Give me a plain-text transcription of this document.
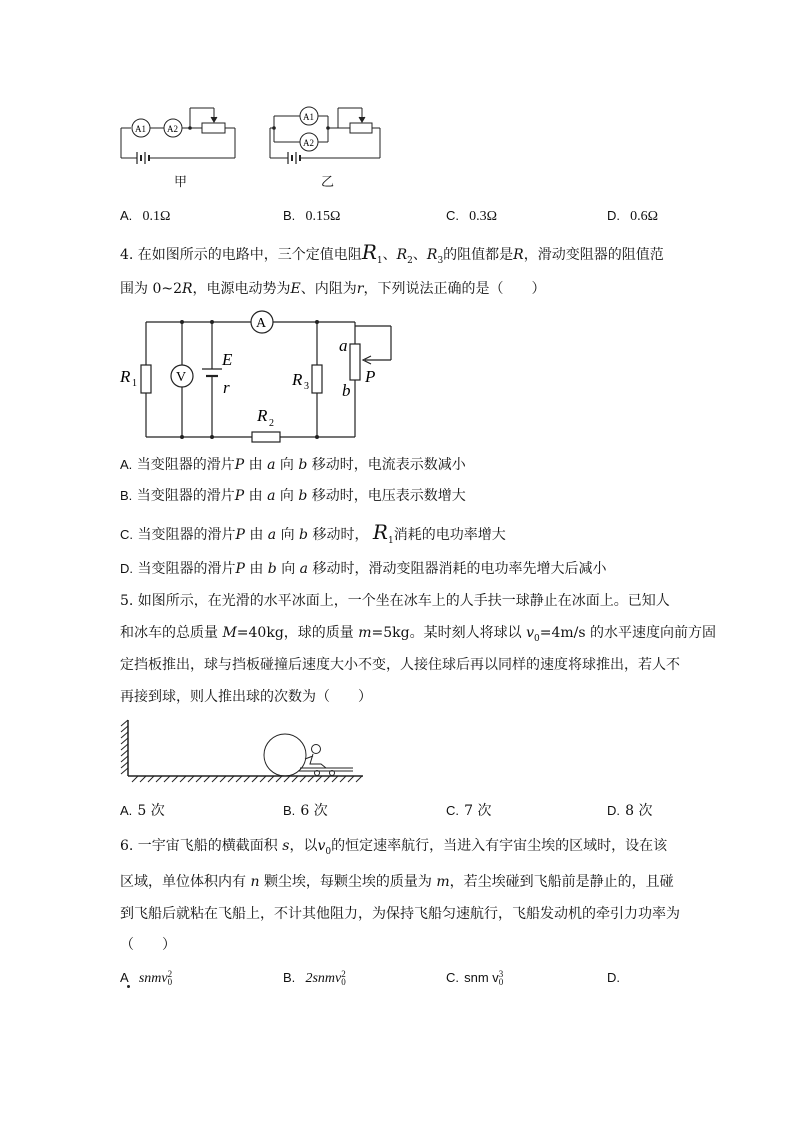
A1 A2
甲
A1
A2
乙
A. 0.1Ω	B. 0.15Ω	C. 0.3Ω	D. 0.6Ω
4. 在如图所示的电路中，三个定值电阻$R_1$、$R_2$、$R_3$的阻值都是R，滑动变阻器的阻值范
围为 0~2R，电源电动势为E、内阻为r，下列说法正确的是（　　）
A
V
R 1
E
r	R 3
R 2
a
b
P
A. 当变阻器的滑片P 由 a 向 b 移动时，电流表示数减小
B. 当变阻器的滑片P 由 a 向 b 移动时，电压表示数增大
C. 当变阻器的滑片P 由 a 向 b 移动时， $R_1$消耗的电功率增大
D. 当变阻器的滑片P 由 b 向 a 移动时，滑动变阻器消耗的电功率先增大后减小
5. 如图所示，在光滑的水平冰面上，一个坐在冰车上的人手扶一球静止在冰面上。已知人
和冰车的总质量 M=40kg，球的质量 m=5kg。某时刻人将球以 $v_0=4m/s$ 的水平速度向前方固
定挡板推出，球与挡板碰撞后速度大小不变，人接住球后再以同样的速度将球推出，若人不
再接到球，则人推出球的次数为（　　）
A. 5 次	B. 6 次	C. 7 次	D. 8 次
6. 一宇宙飞船的横截面积 s，以$v_0$的恒定速率航行，当进入有宇宙尘埃的区域时，设在该
区域，单位体积内有 n 颗尘埃，每颗尘埃的质量为 m，若尘埃碰到飞船前是静止的，且碰
到飞船后就粘在飞船上，不计其他阻力，为保持飞船匀速航行，飞船发动机的牵引力功率为
（　　）
A snmv 2
0	B. 2snmv 2
0	C. snm v 3
0	D.
